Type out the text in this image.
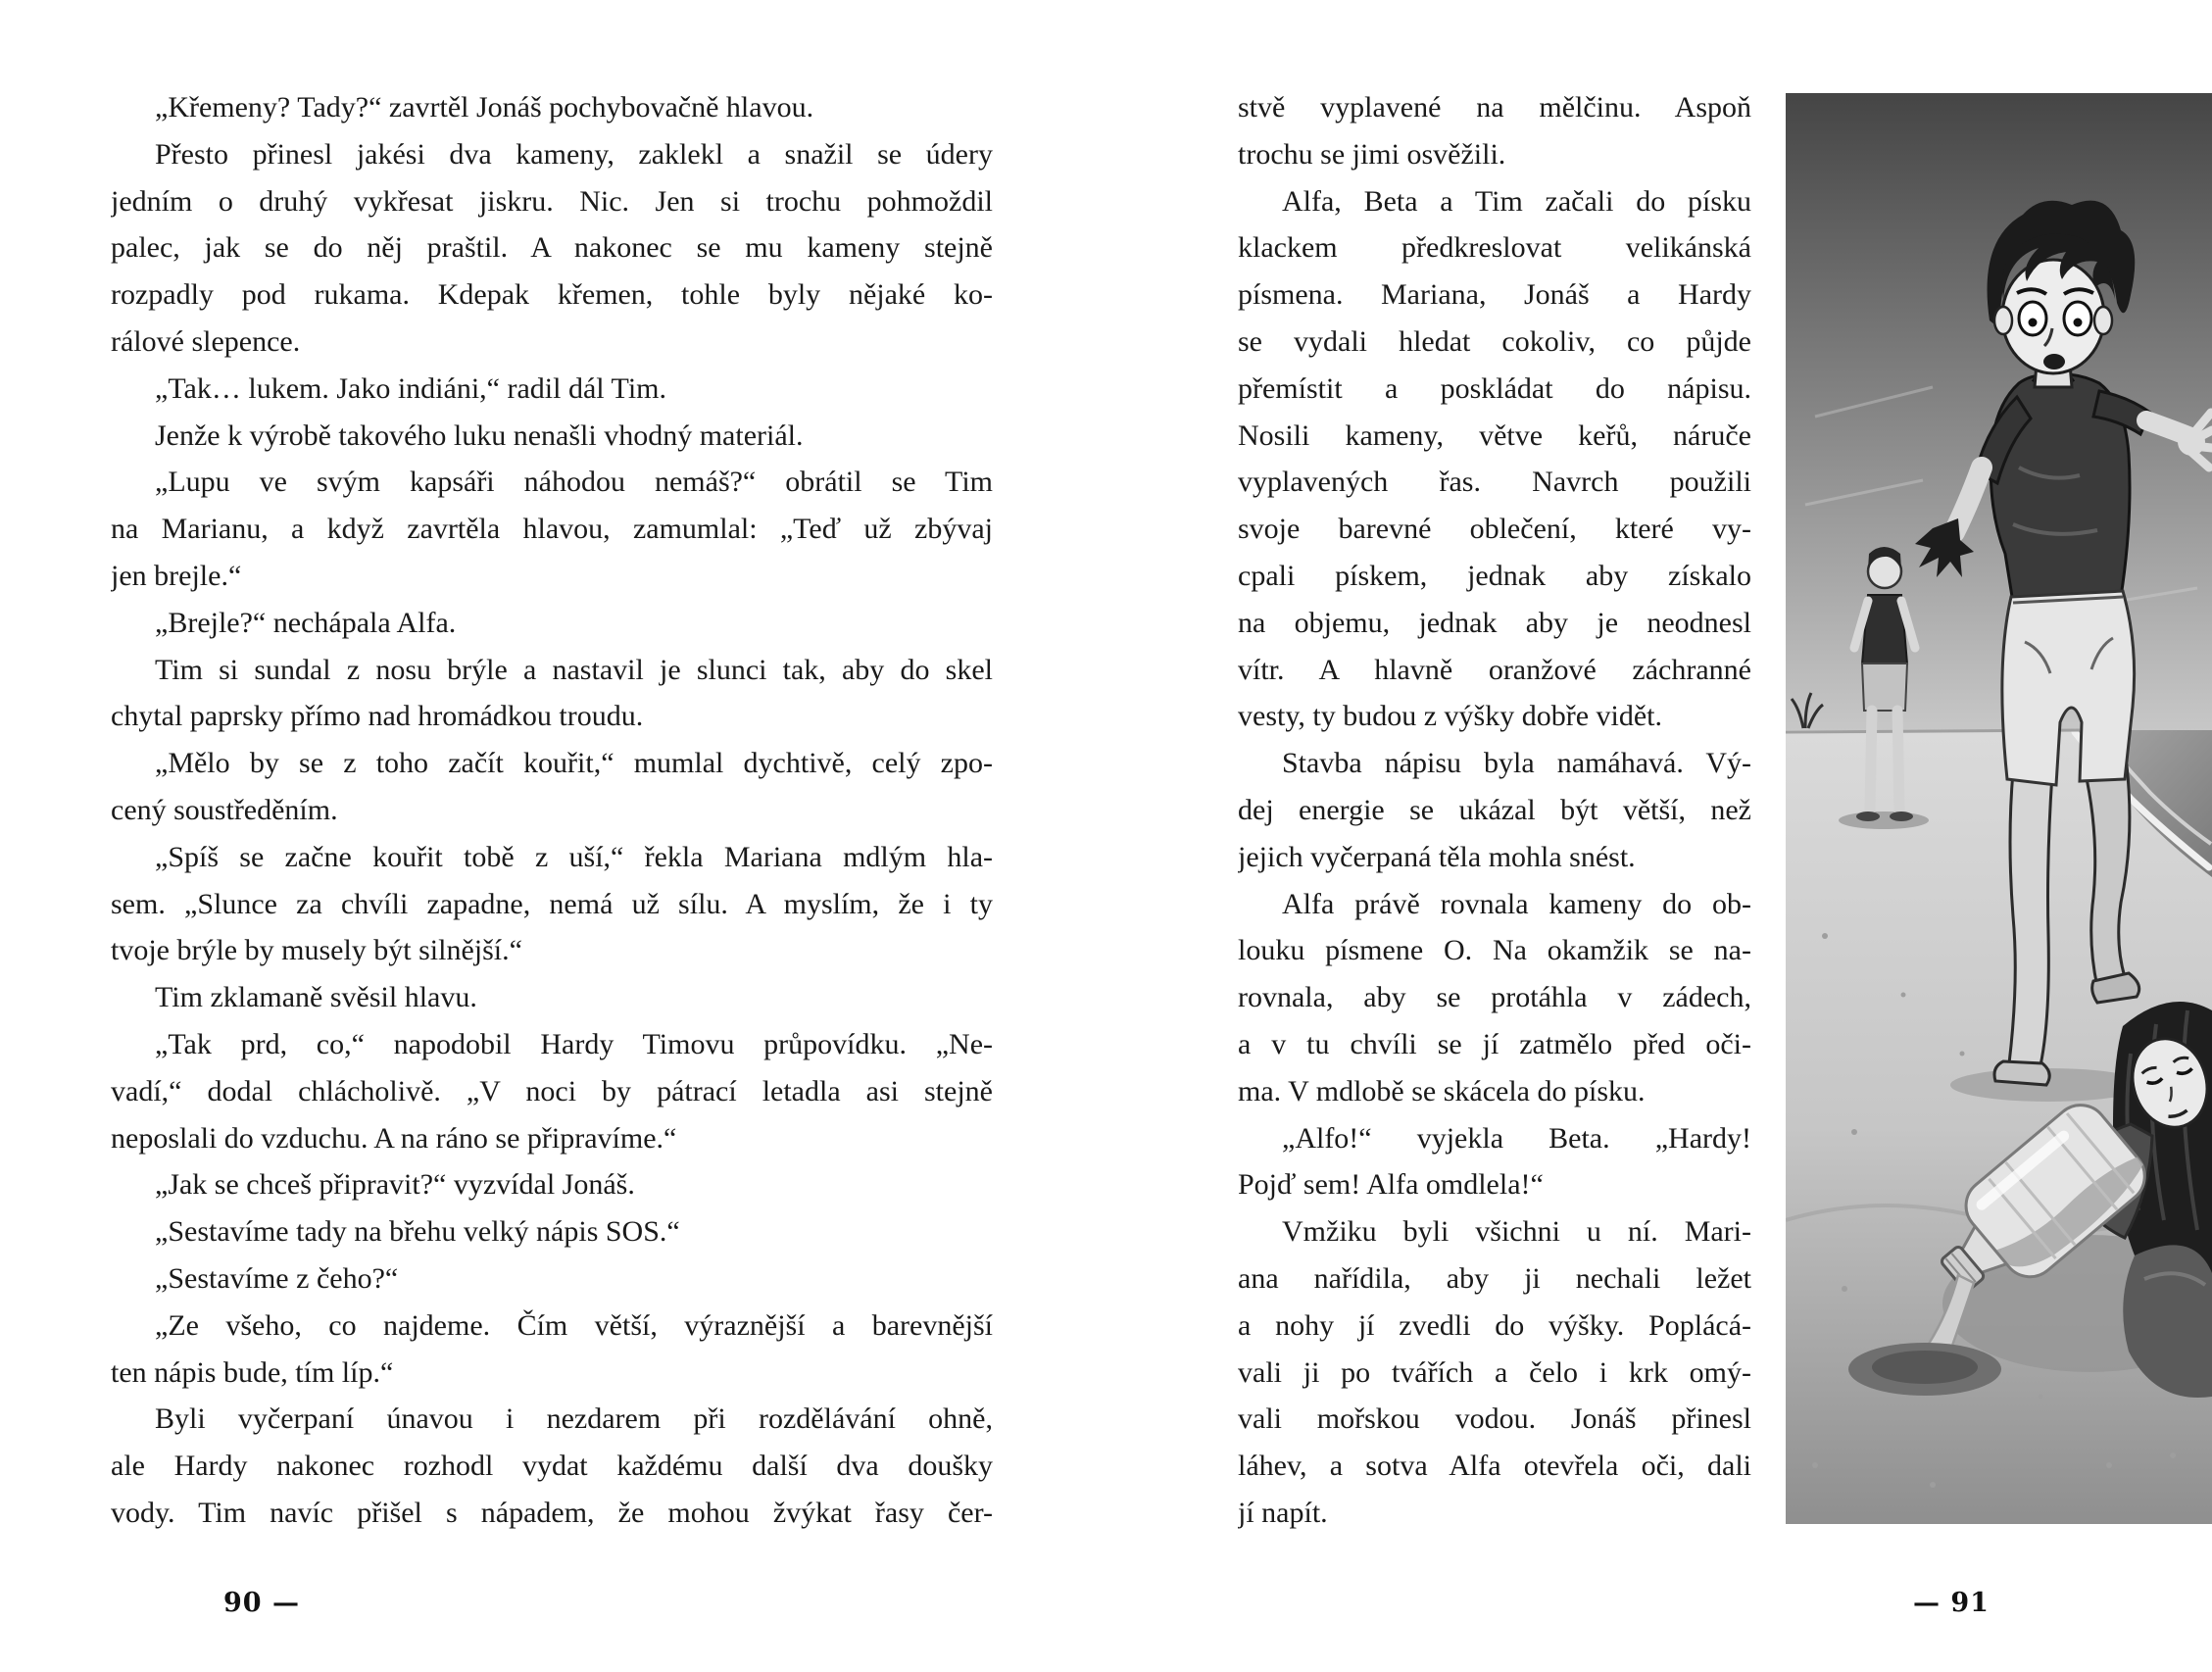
„Křemeny? Tady?“ zavrtěl Jonáš pochybovačně hlavou.

Přesto přinesl jakési dva kameny, zaklekl a snažil se údery
jedním o druhý vykřesat jiskru. Nic. Jen si trochu pohmoždil
palec, jak se do něj praštil. A nakonec se mu kameny stejně
rozpadly pod rukama. Kdepak křemen, tohle byly nějaké ko-
rálové slepence.

„Tak… lukem. Jako indiáni,“ radil dál Tim.

Jenže k výrobě takového luku nenašli vhodný materiál.

„Lupu ve svým kapsáři náhodou nemáš?“ obrátil se Tim
na Marianu, a když zavrtěla hlavou, zamumlal: „Teď už zbývaj
jen brejle.“

„Brejle?“ nechápala Alfa.

Tim si sundal z nosu brýle a nastavil je slunci tak, aby do skel
chytal paprsky přímo nad hromádkou troudu.

„Mělo by se z toho začít kouřit,“ mumlal dychtivě, celý zpo-
cený soustředěním.

„Spíš se začne kouřit tobě z uší,“ řekla Mariana mdlým hla-
sem. „Slunce za chvíli zapadne, nemá už sílu. A myslím, že i ty
tvoje brýle by musely být silnější.“

Tim zklamaně svěsil hlavu.

„Tak prd, co,“ napodobil Hardy Timovu průpovídku. „Ne-
vadí,“ dodal chlácholivě. „V noci by pátrací letadla asi stejně
neposlali do vzduchu. A na ráno se připravíme.“

„Jak se chceš připravit?“ vyzvídal Jonáš.

„Sestavíme tady na břehu velký nápis SOS.“

„Sestavíme z čeho?“

„Ze všeho, co najdeme. Čím větší, výraznější a barevnější
ten nápis bude, tím líp.“

Byli vyčerpaní únavou i nezdarem při rozdělávání ohně,
ale Hardy nakonec rozhodl vydat každému další dva doušky
vody. Tim navíc přišel s nápadem, že mohou žvýkat řasy čer-

90 —

stvě vyplavené na mělčinu. Aspoň
trochu se jimi osvěžili.

Alfa, Beta a Tim začali do písku
klackem předkreslovat velikánská
písmena. Mariana, Jonáš a Hardy
se vydali hledat cokoliv, co půjde
přemístit a poskládat do nápisu.
Nosili kameny, větve keřů, náruče
vyplavených řas. Navrch použili
svoje barevné oblečení, které vy-
cpali pískem, jednak aby získalo
na objemu, jednak aby je neodnesl
vítr. A hlavně oranžové záchranné
vesty, ty budou z výšky dobře vidět.

Stavba nápisu byla namáhavá. Vý-
dej energie se ukázal být větší, než
jejich vyčerpaná těla mohla snést.

Alfa právě rovnala kameny do ob-
louku písmene O. Na okamžik se na-
rovnala, aby se protáhla v zádech,
a v tu chvíli se jí zatmělo před oči-
ma. V mdlobě se skácela do písku.

„Alfo!“ vyjekla Beta. „Hardy!
Pojď sem! Alfa omdlela!“

Vmžiku byli všichni u ní. Mari-
ana nařídila, aby ji nechali ležet
a nohy jí zvedli do výšky. Poplácá-
vali ji po tvářích a čelo i krk omý-
vali mořskou vodou. Jonáš přinesl
láhev, a sotva Alfa otevřela oči, dali
jí napít.

— 91
